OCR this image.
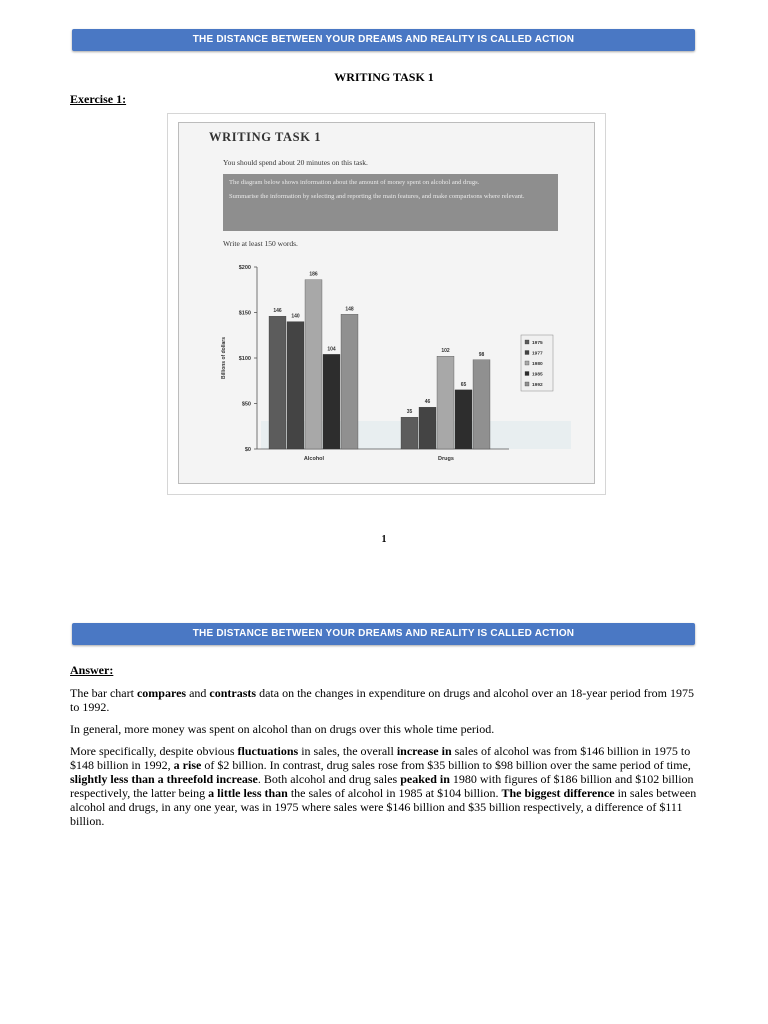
THE DISTANCE BETWEEN YOUR DREAMS AND REALITY IS CALLED ACTION
WRITING TASK 1
Exercise 1:
WRITING TASK 1
You should spend about 20 minutes on this task.

The diagram below shows information about the amount of money spent on alcohol and drugs.

Summarise the information by selecting and reporting the main features, and make comparisons where relevant.

Write at least 150 words.
$0
$50
$100
$150
$200
Billions of dollars
146
140
186
104
148
Alcohol
35
46
102
65
98
Drugs
1975
1977
1980
1985
1992
1
THE DISTANCE BETWEEN YOUR DREAMS AND REALITY IS CALLED ACTION
Answer:

The bar chart compares and contrasts data on the changes in expenditure on drugs and alcohol over an 18-year period from 1975 to 1992.

In general, more money was spent on alcohol than on drugs over this whole time period.

More specifically, despite obvious fluctuations in sales, the overall increase in sales of alcohol was from $146 billion in 1975 to $148 billion in 1992, a rise of $2 billion. In contrast, drug sales rose from $35 billion to $98 billion over the same period of time, slightly less than a threefold increase. Both alcohol and drug sales peaked in 1980 with figures of $186 billion and $102 billion respectively, the latter being a little less than the sales of alcohol in 1985 at $104 billion. The biggest difference in sales between alcohol and drugs, in any one year, was in 1975 where sales were $146 billion and $35 billion respectively, a difference of $111 billion.
